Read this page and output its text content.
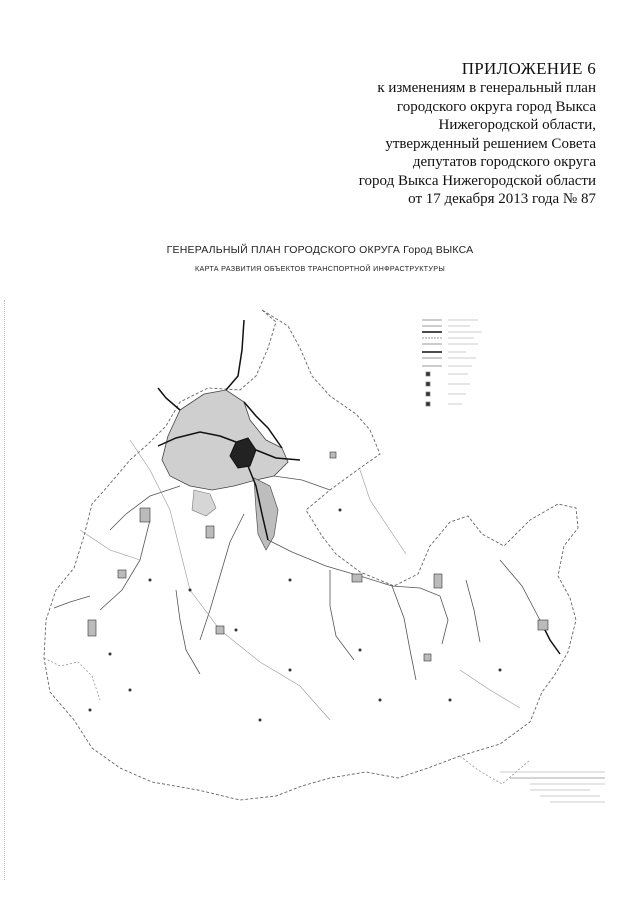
ПРИЛОЖЕНИЕ 6
к изменениям в генеральный план
городского округа город Выкса
Нижегородской области,
утвержденный решением Совета
депутатов городского округа
город Выкса Нижегородской области
от 17 декабря 2013 года № 87
ГЕНЕРАЛЬНЫЙ ПЛАН ГОРОДСКОГО ОКРУГА Город ВЫКСА
КАРТА РАЗВИТИЯ ОБЪЕКТОВ ТРАНСПОРТНОЙ ИНФРАСТРУКТУРЫ
